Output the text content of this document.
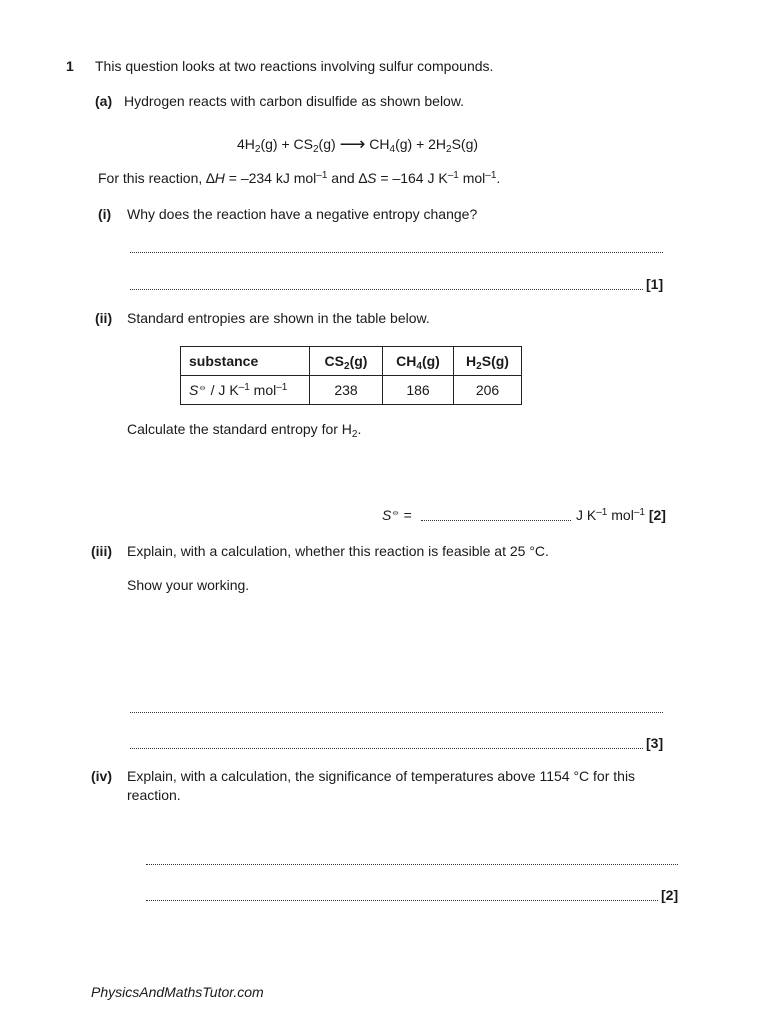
1 This question looks at two reactions involving sulfur compounds.
(a) Hydrogen reacts with carbon disulfide as shown below.
$4H_2(g) + CS_2(g)$ ⟶ $CH_4(g) + 2H_2S(g)$
For this reaction, ∆H = –234 kJ mol$^{-1}$ and ∆S = –164 J $K^{-1}$ mol$^{-1}$.
(i) Why does the reaction have a negative entropy change?
[1]
(ii) Standard entropies are shown in the table below.
substance	$CS_2(g)$	$CH_4(g)$	$H_2S(g)$
S⦵ / J $K^{-1}$ mol$^{-1}$	238	186	206
Calculate the standard entropy for $H_2$.
S⦵ =	J $K^{-1}$ mol$^{-1}$ [2]
(iii) Explain, with a calculation, whether this reaction is feasible at 25 °C.
Show your working.
[3]
(iv) Explain, with a calculation, the significance of temperatures above 1154 °C for this
reaction.
[2]
PhysicsAndMathsTutor.com
